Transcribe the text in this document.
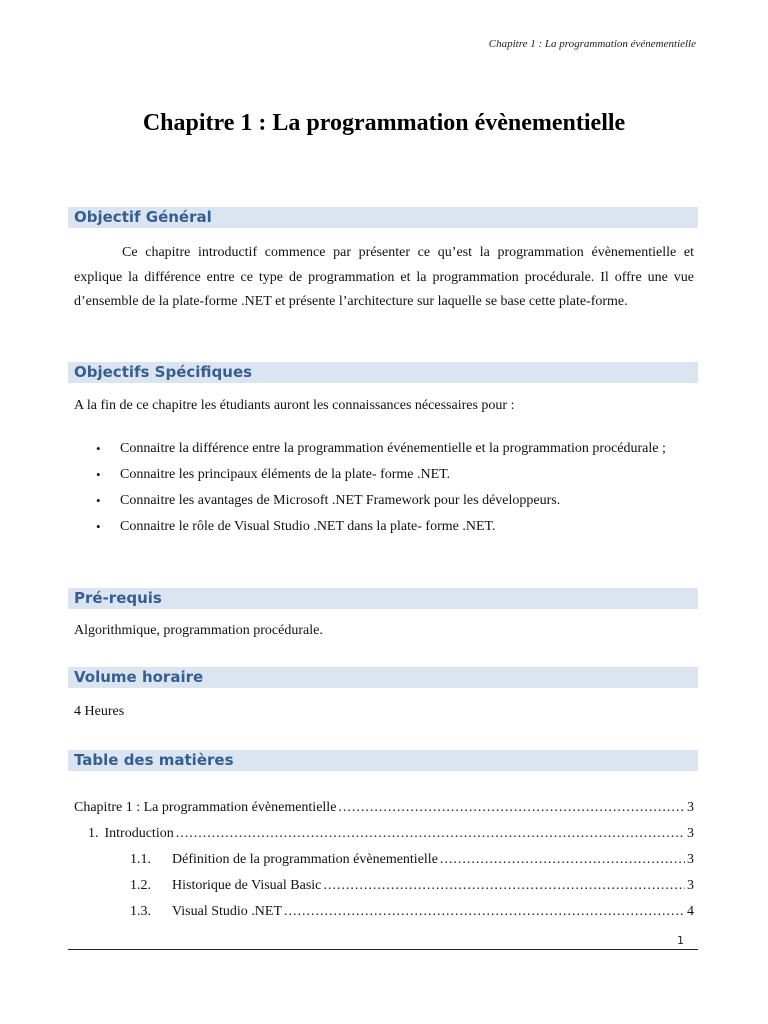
Chapitre 1 : La programmation événementielle
Chapitre 1 : La programmation évènementielle
Objectif Général
Ce chapitre introductif commence par présenter ce qu’est la programmation évènementielle et explique la différence entre ce type de programmation et la programmation procédurale. Il offre une vue d’ensemble de la plate-forme .NET et présente l’architecture sur laquelle se base cette plate-forme.
Objectifs Spécifiques
A la fin de ce chapitre les étudiants auront les connaissances nécessaires pour :
• Connaitre la différence entre la programmation événementielle et la programmation procédurale ;
• Connaitre les principaux éléments de la plate- forme .NET.
• Connaitre les avantages de Microsoft .NET Framework pour les développeurs.
• Connaitre le rôle de Visual Studio .NET dans la plate- forme .NET.
Pré-requis
Algorithmique, programmation procédurale.
Volume horaire
4 Heures
Table des matières
Chapitre 1 : La programmation évènementielle .....	3
1. Introduction .....	3
1.1.	Définition de la programmation évènementielle .....	3
1.2.	Historique de Visual Basic .....	3
1.3.	Visual Studio .NET .....	4
1
